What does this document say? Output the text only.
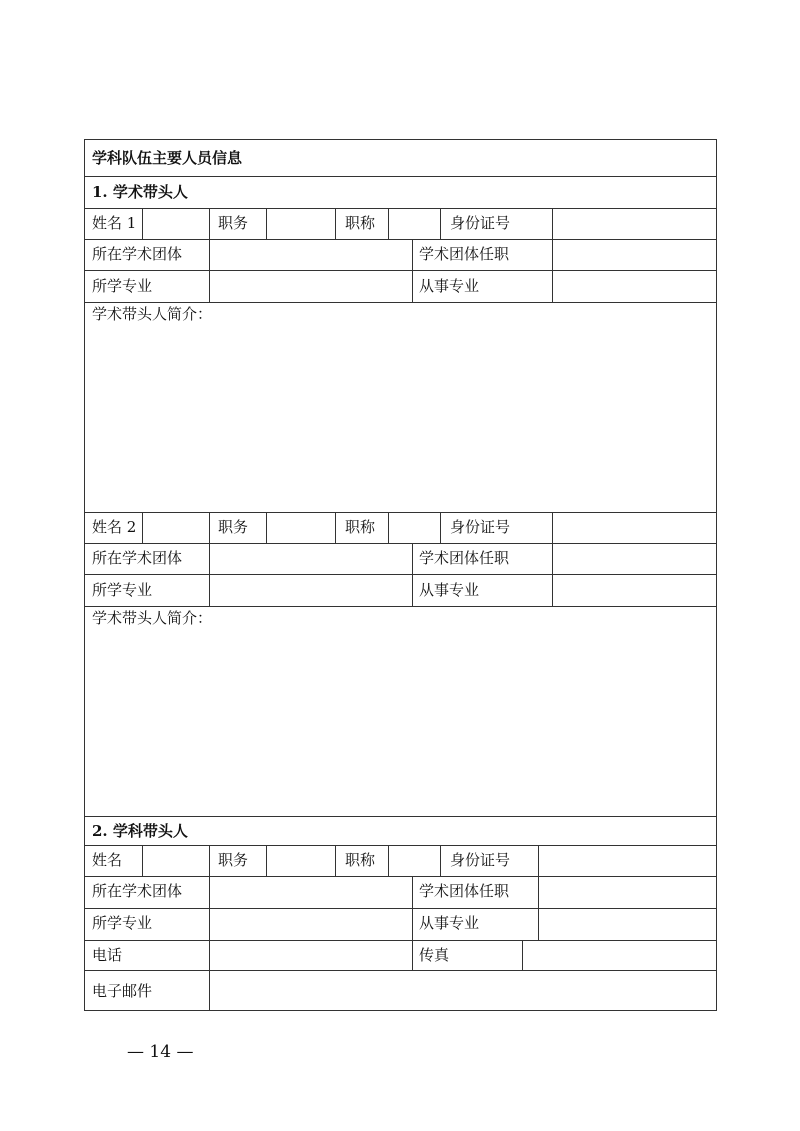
学科队伍主要人员信息
1. 学术带头人
姓名 1	职务	职称	身份证号
所在学术团体	学术团体任职
所学专业	从事专业
学术带头人简介：
姓名 2	职务	职称	身份证号
所在学术团体	学术团体任职
所学专业	从事专业
学术带头人简介：
2. 学科带头人
姓名	职务	职称	身份证号
所在学术团体	学术团体任职
所学专业	从事专业
电话	传真
电子邮件
— 14 —
